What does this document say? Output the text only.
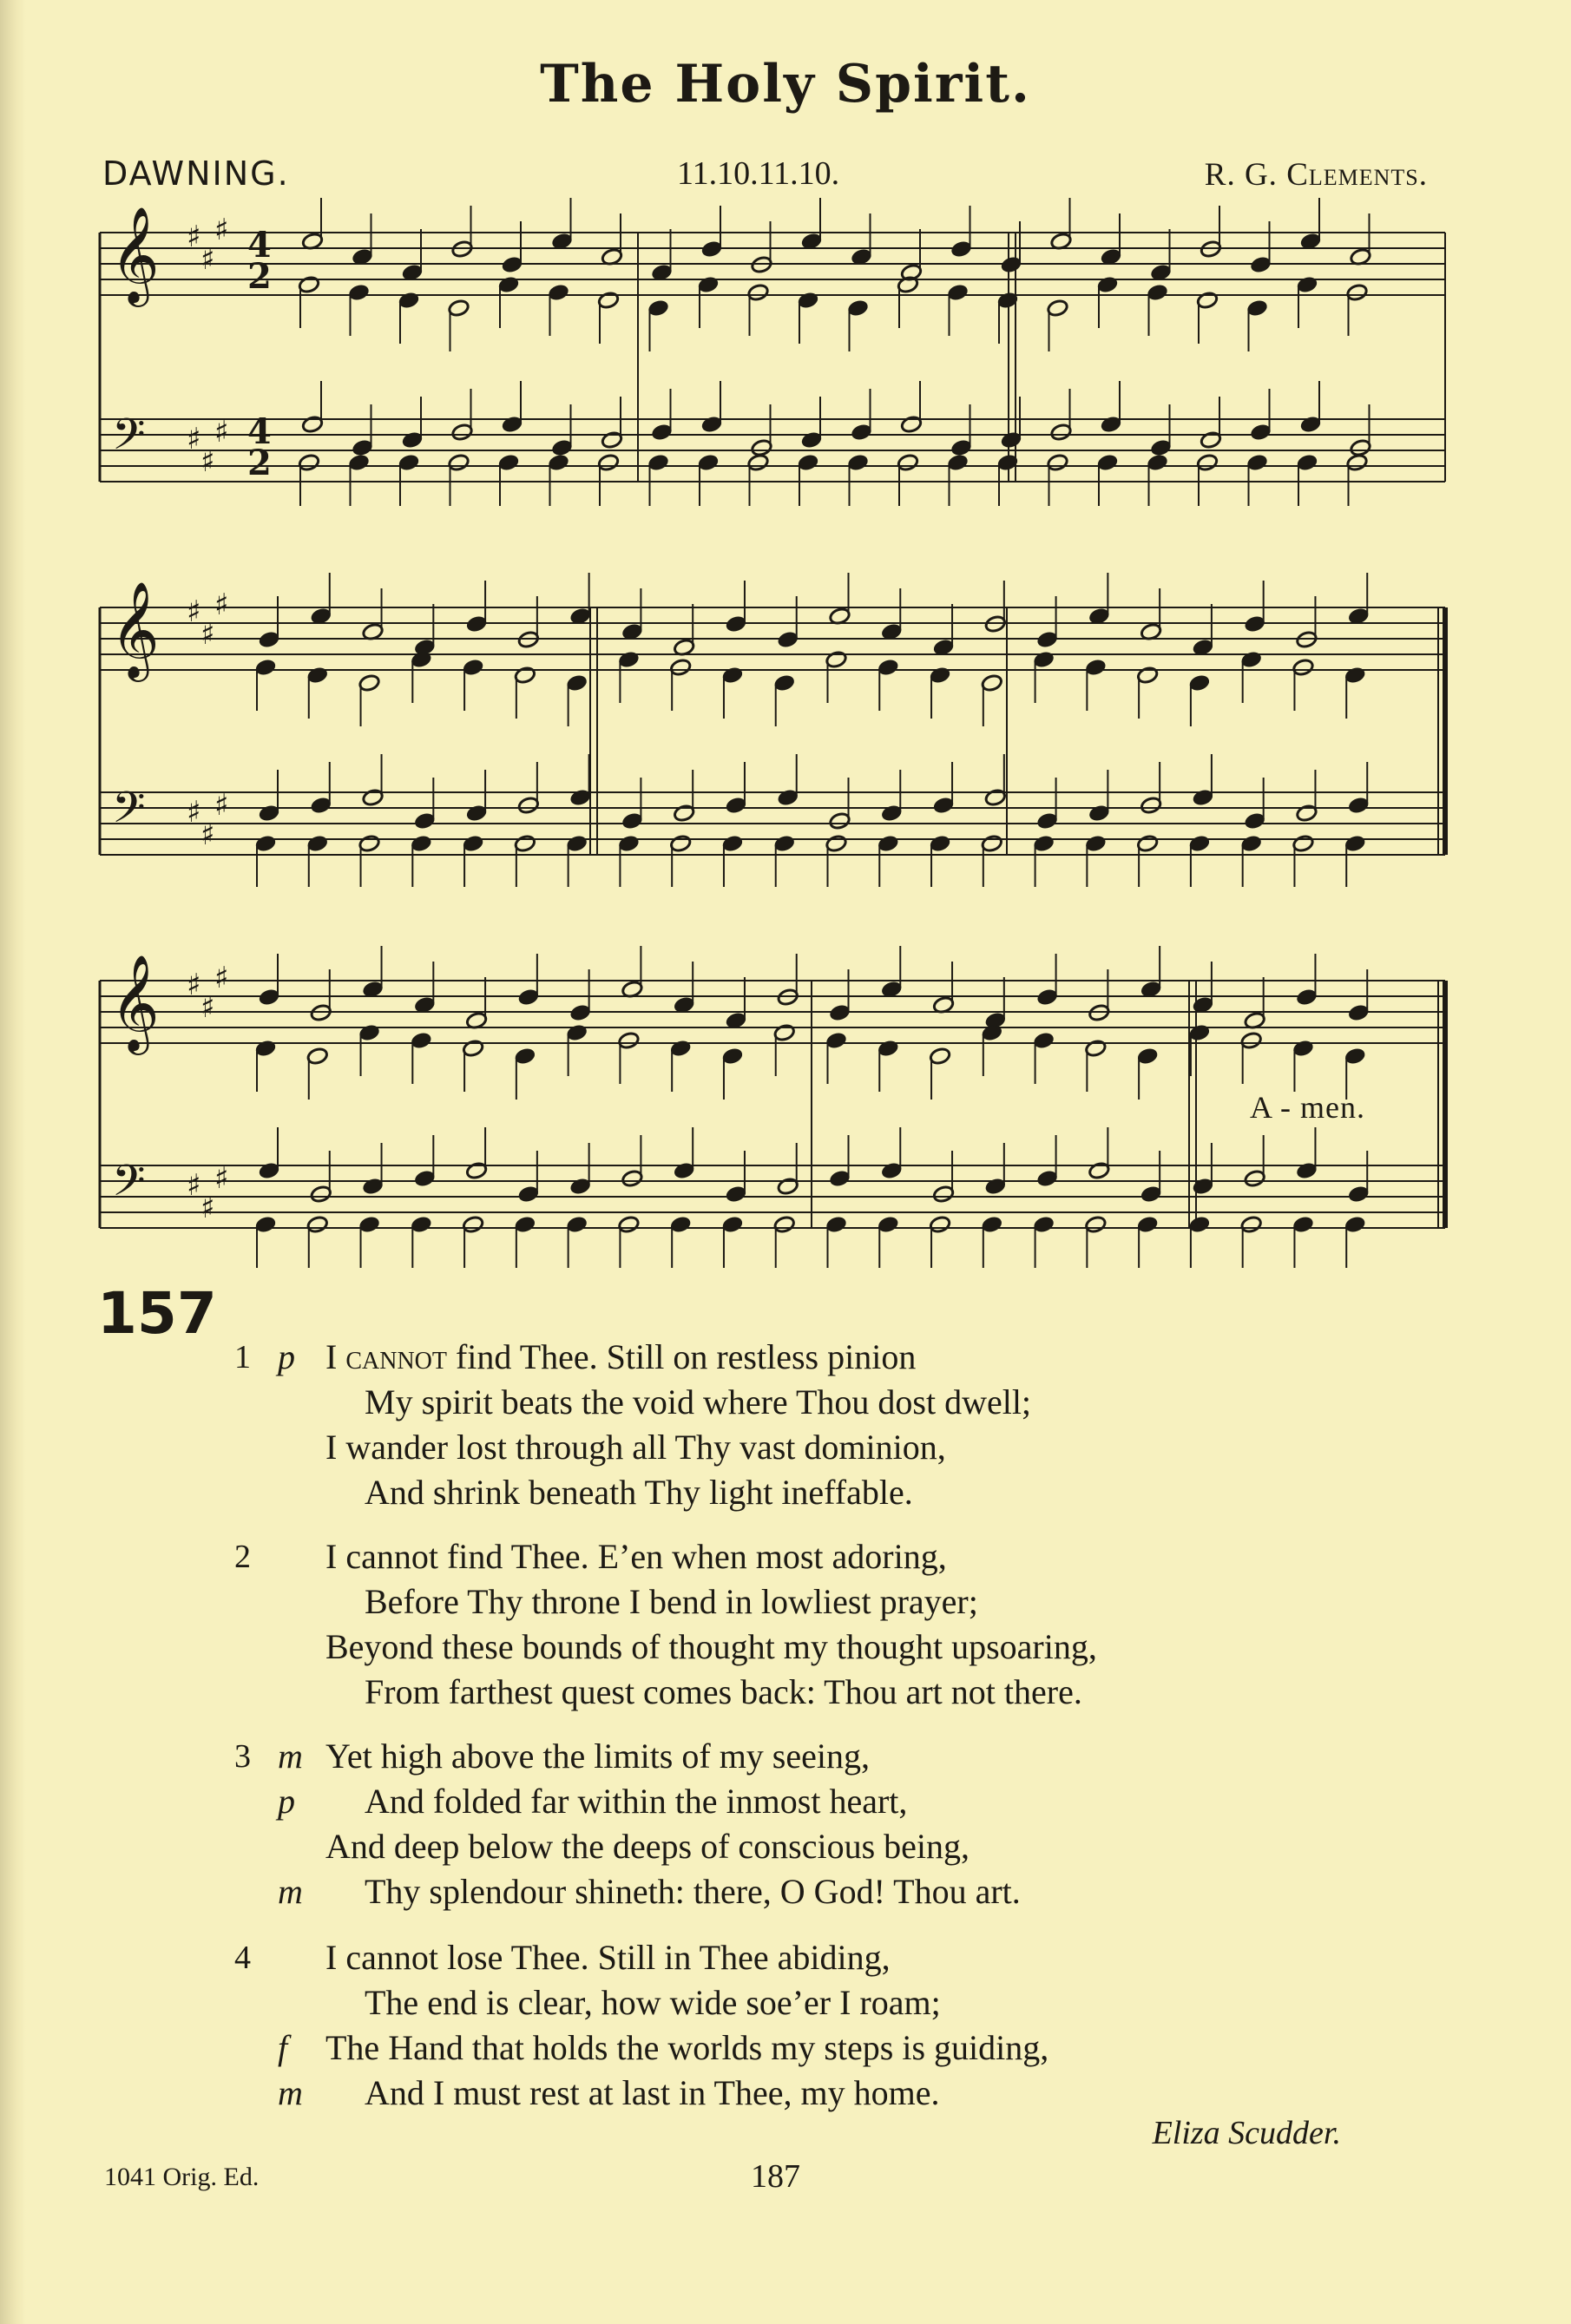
The Holy Spirit.
DAWNING.	11.10.11.10.	R. G. Clements.
𝄞
𝄢
♯
♯
♯
♯
♯
♯
4
2
4
2
𝄞
𝄢
♯
♯
♯
♯
♯
♯
𝄞
𝄢
♯
♯
♯
♯
♯
♯
A - men.
157
1 p I cannot find Thee. Still on restless pinion
My spirit beats the void where Thou dost dwell;
I wander lost through all Thy vast dominion,
And shrink beneath Thy light ineffable.
2 I cannot find Thee. E’en when most adoring,
Before Thy throne I bend in lowliest prayer;
Beyond these bounds of thought my thought upsoaring,
From farthest quest comes back: Thou art not there.
3 m Yet high above the limits of my seeing,
p And folded far within the inmost heart,
And deep below the deeps of conscious being,
m Thy splendour shineth: there, O God! Thou art.
4 I cannot lose Thee. Still in Thee abiding,
The end is clear, how wide soe’er I roam;
f The Hand that holds the worlds my steps is guiding,
m And I must rest at last in Thee, my home.
Eliza Scudder.
1041 Orig. Ed.	187
